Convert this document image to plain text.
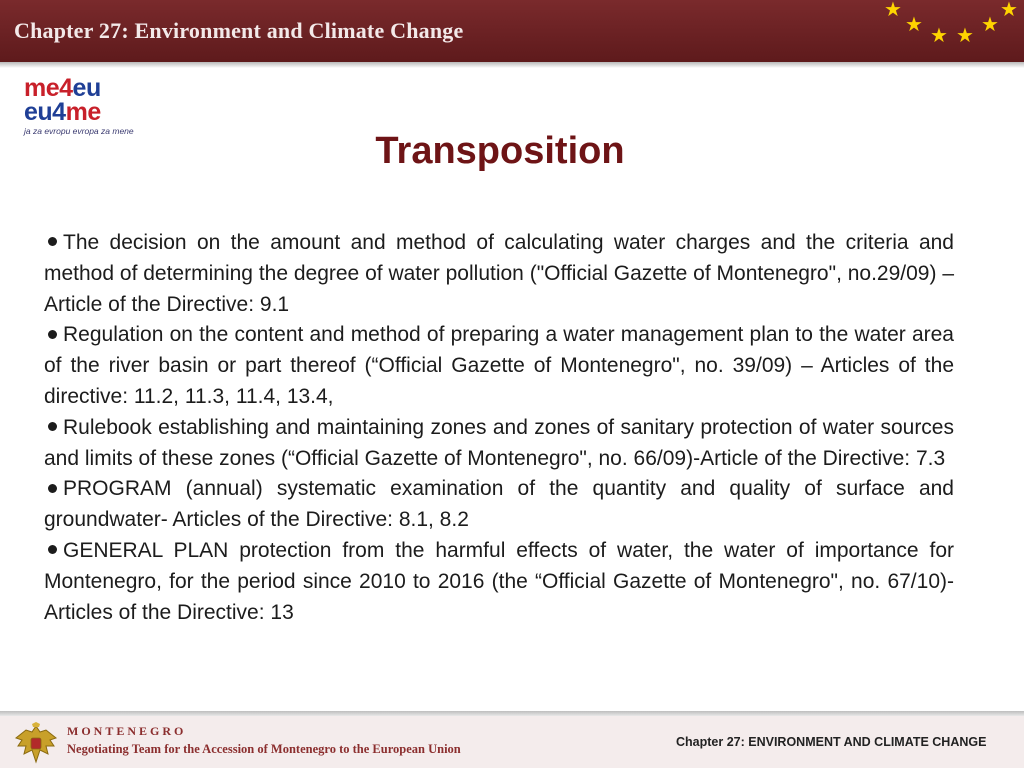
Chapter 27: Environment and Climate Change
★
★ ★ ★ ★
★
me4eu
eu4me
ja za evropu evropa za mene	Transposition

The decision on the amount and method of calculating water charges and the criteria and method of determining the degree of water pollution ("Official Gazette of Montenegro", no.29/09) – Article of the Directive: 9.1

Regulation on the content and method of preparing a water management plan to the water area of the river basin or part thereof (“Official Gazette of Montenegro", no. 39/09) – Articles of the directive: 11.2, 11.3, 11.4, 13.4,

Rulebook establishing and maintaining zones and zones of sanitary protection of water sources and limits of these zones (“Official Gazette of Montenegro", no. 66/09)-Article of the Directive: 7.3

PROGRAM (annual) systematic examination of the quantity and quality of surface and groundwater- Articles of the Directive: 8.1, 8.2

GENERAL PLAN protection from the harmful effects of water, the water of importance for Montenegro, for the period since 2010 to 2016 (the “Official Gazette of Montenegro", no. 67/10)- Articles of the Directive: 13

MONTENEGRO
Negotiating Team for the Accession of Montenegro to the European Union	Chapter 27: ENVIRONMENT AND CLIMATE CHANGE
